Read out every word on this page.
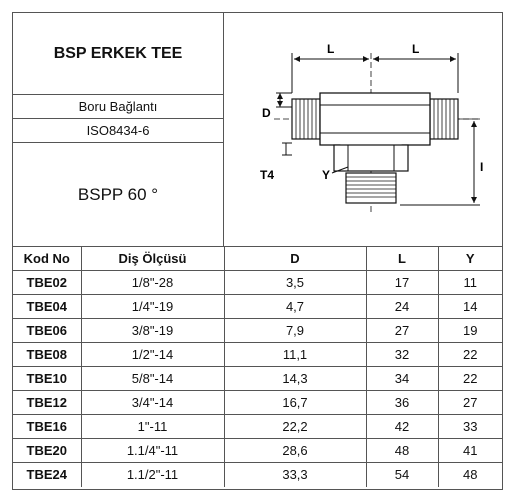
BSP ERKEK TEE
Boru Bağlantı
ISO8434-6
BSPP 60 °
L	L
D
T4	Y
I
Kod No	Diş Ölçüsü	D	L	Y
TBE02	1/8"-28	3,5	17	11
TBE04	1/4"-19	4,7	24	14
TBE06	3/8"-19	7,9	27	19
TBE08	1/2"-14	11,1	32	22
TBE10	5/8"-14	14,3	34	22
TBE12	3/4"-14	16,7	36	27
TBE16	1"-11	22,2	42	33
TBE20	1.1/4"-11	28,6	48	41
TBE24	1.1/2"-11	33,3	54	48
